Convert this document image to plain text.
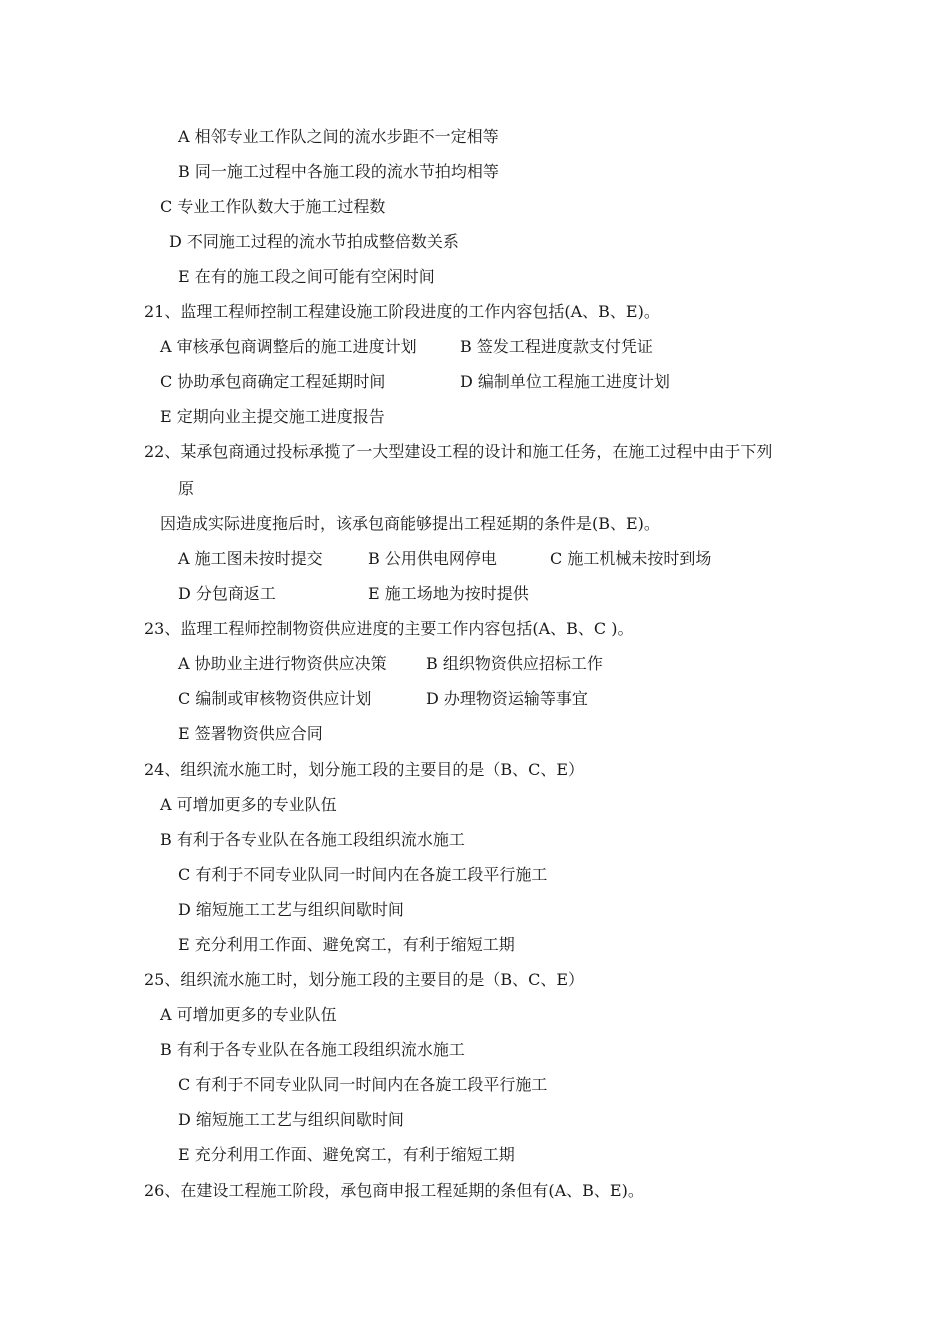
A 相邻专业工作队之间的流水步距不一定相等
B 同一施工过程中各施工段的流水节拍均相等
C 专业工作队数大于施工过程数
D 不同施工过程的流水节拍成整倍数关系
E 在有的施工段之间可能有空闲时间
21、监理工程师控制工程建设施工阶段进度的工作内容包括(A、B、E)。
A 审核承包商调整后的施工进度计划	B 签发工程进度款支付凭证
C 协助承包商确定工程延期时间	D 编制单位工程施工进度计划
E 定期向业主提交施工进度报告
22、某承包商通过投标承揽了一大型建设工程的设计和施工任务，在施工过程中由于下列
原
因造成实际进度拖后时，该承包商能够提出工程延期的条件是(B、E)。
A 施工图未按时提交	B 公用供电网停电	C 施工机械未按时到场
D 分包商返工	E 施工场地为按时提供
23、监理工程师控制物资供应进度的主要工作内容包括(A、B、C )。
A 协助业主进行物资供应决策 B 组织物资供应招标工作
C 编制或审核物资供应计划	D 办理物资运输等事宜
E 签署物资供应合同
24、组织流水施工时，划分施工段的主要目的是（B、C、E）
A 可增加更多的专业队伍
B 有利于各专业队在各施工段组织流水施工
C 有利于不同专业队同一时间内在各旋工段平行施工
D 缩短施工工艺与组织间歇时间
E 充分利用工作面、避免窝工，有利于缩短工期
25、组织流水施工时，划分施工段的主要目的是（B、C、E）
A 可增加更多的专业队伍
B 有利于各专业队在各施工段组织流水施工
C 有利于不同专业队同一时间内在各旋工段平行施工
D 缩短施工工艺与组织间歇时间
E 充分利用工作面、避免窝工，有利于缩短工期
26、在建设工程施工阶段，承包商申报工程延期的条但有(A、B、E)。
